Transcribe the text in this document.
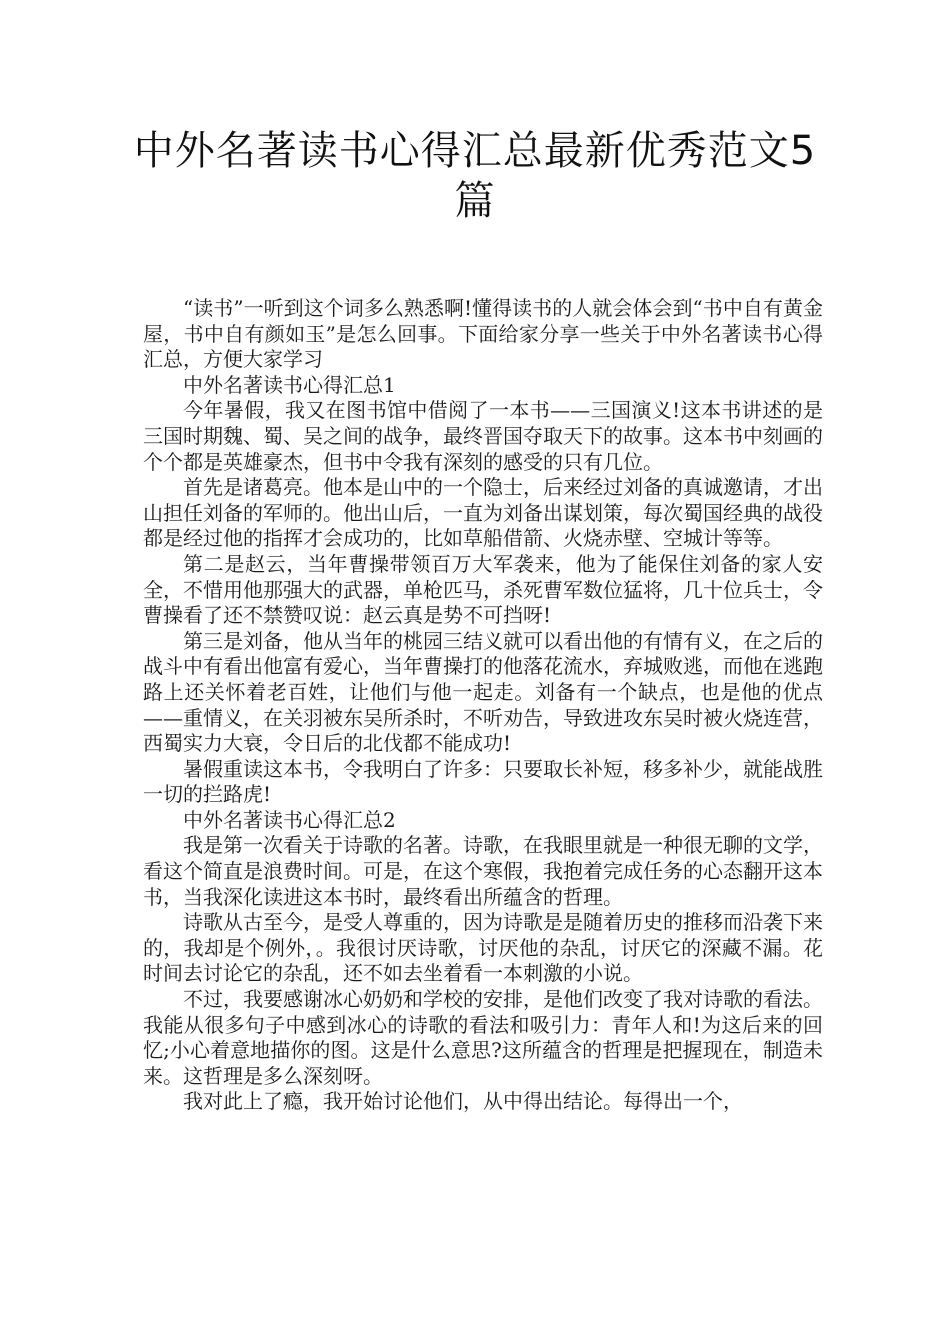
中外名著读书心得汇总最新优秀范文5篇

“读书”一听到这个词多么熟悉啊!懂得读书的人就会体会到“书中自有黄金屋，书中自有颜如玉”是怎么回事。下面给家分享一些关于中外名著读书心得汇总，方便大家学习

中外名著读书心得汇总1

今年暑假，我又在图书馆中借阅了一本书——三国演义!这本书讲述的是三国时期魏、蜀、吴之间的战争，最终晋国夺取天下的故事。这本书中刻画的个个都是英雄豪杰，但书中令我有深刻的感受的只有几位。

首先是诸葛亮。他本是山中的一个隐士，后来经过刘备的真诚邀请，才出山担任刘备的军师的。他出山后，一直为刘备出谋划策，每次蜀国经典的战役都是经过他的指挥才会成功的，比如草船借箭、火烧赤壁、空城计等等。

第二是赵云，当年曹操带领百万大军袭来，他为了能保住刘备的家人安全，不惜用他那强大的武器，单枪匹马，杀死曹军数位猛将，几十位兵士，令曹操看了还不禁赞叹说：赵云真是势不可挡呀!

第三是刘备，他从当年的桃园三结义就可以看出他的有情有义，在之后的战斗中有看出他富有爱心，当年曹操打的他落花流水，弃城败逃，而他在逃跑路上还关怀着老百姓，让他们与他一起走。刘备有一个缺点，也是他的优点——重情义，在关羽被东吴所杀时，不听劝告，导致进攻东吴时被火烧连营，西蜀实力大衰，令日后的北伐都不能成功!

暑假重读这本书，令我明白了许多：只要取长补短，移多补少，就能战胜一切的拦路虎!

中外名著读书心得汇总2

我是第一次看关于诗歌的名著。诗歌，在我眼里就是一种很无聊的文学，看这个简直是浪费时间。可是，在这个寒假，我抱着完成任务的心态翻开这本书，当我深化读进这本书时，最终看出所蕴含的哲理。

诗歌从古至今，是受人尊重的，因为诗歌是是随着历史的推移而沿袭下来的，我却是个例外，。我很讨厌诗歌，讨厌他的杂乱，讨厌它的深藏不漏。花时间去讨论它的杂乱，还不如去坐着看一本刺激的小说。

不过，我要感谢冰心奶奶和学校的安排，是他们改变了我对诗歌的看法。我能从很多句子中感到冰心的诗歌的看法和吸引力：青年人和!为这后来的回忆;小心着意地描你的图。这是什么意思?这所蕴含的哲理是把握现在，制造未来。这哲理是多么深刻呀。

我对此上了瘾，我开始讨论他们，从中得出结论。每得出一个，
